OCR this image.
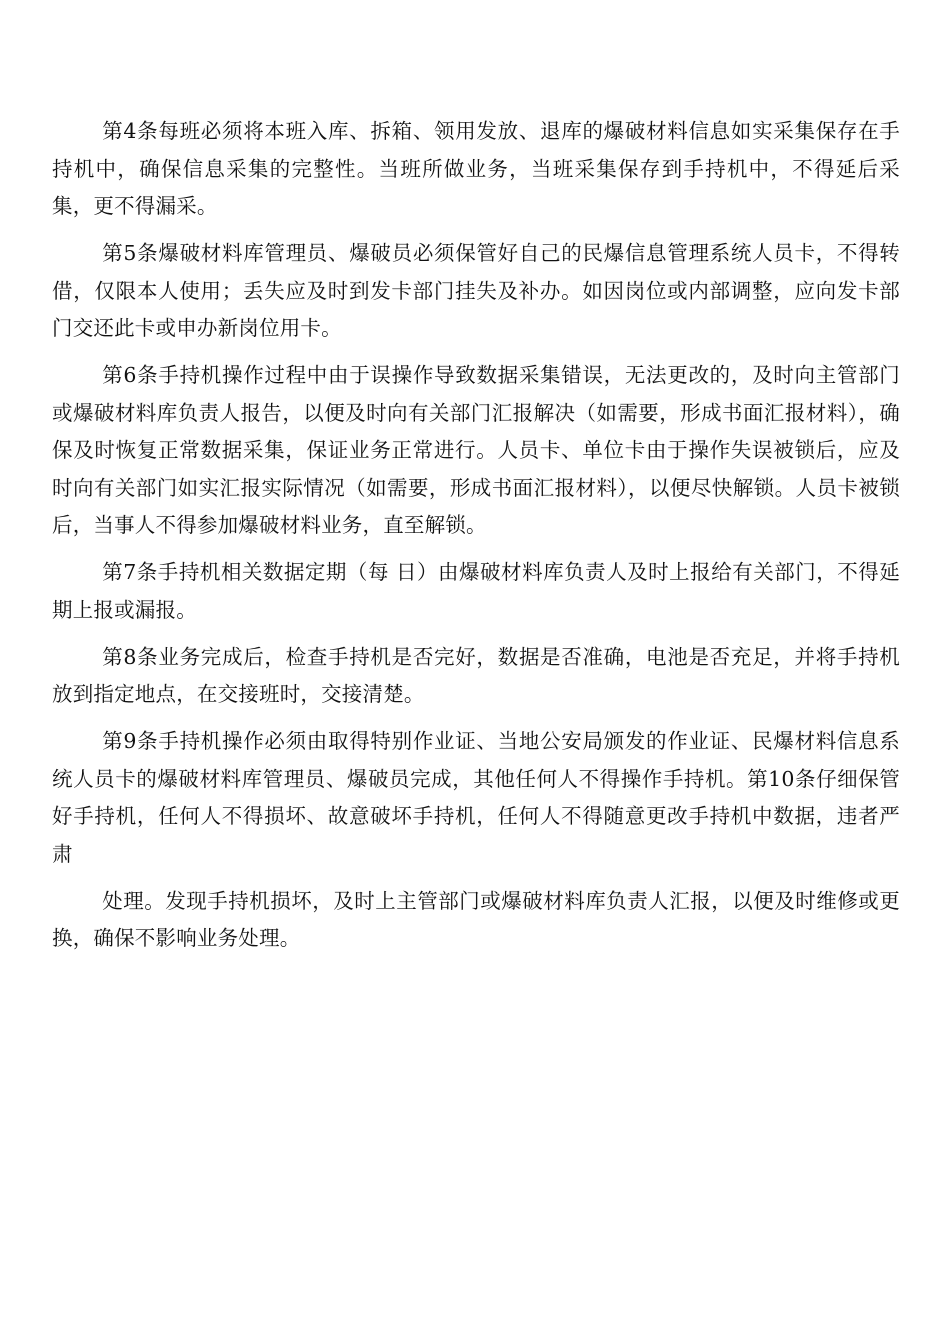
第4条每班必须将本班入库、拆箱、领用发放、退库的爆破材料信息如实采集保存在手持机中，确保信息采集的完整性。当班所做业务，当班采集保存到手持机中，不得延后采集，更不得漏采。

第5条爆破材料库管理员、爆破员必须保管好自己的民爆信息管理系统人员卡，不得转借，仅限本人使用；丢失应及时到发卡部门挂失及补办。如因岗位或内部调整，应向发卡部门交还此卡或申办新岗位用卡。

第6条手持机操作过程中由于误操作导致数据采集错误，无法更改的，及时向主管部门或爆破材料库负责人报告，以便及时向有关部门汇报解决（如需要，形成书面汇报材料），确保及时恢复正常数据采集，保证业务正常进行。人员卡、单位卡由于操作失误被锁后，应及时向有关部门如实汇报实际情况（如需要，形成书面汇报材料），以便尽快解锁。人员卡被锁后，当事人不得参加爆破材料业务，直至解锁。

第7条手持机相关数据定期（每 日）由爆破材料库负责人及时上报给有关部门，不得延期上报或漏报。

第8条业务完成后，检查手持机是否完好，数据是否准确，电池是否充足，并将手持机放到指定地点，在交接班时，交接清楚。

第9条手持机操作必须由取得特别作业证、当地公安局颁发的作业证、民爆材料信息系统人员卡的爆破材料库管理员、爆破员完成，其他任何人不得操作手持机。第10条仔细保管好手持机，任何人不得损坏、故意破坏手持机，任何人不得随意更改手持机中数据，违者严肃

处理。发现手持机损坏，及时上主管部门或爆破材料库负责人汇报，以便及时维修或更换，确保不影响业务处理。
